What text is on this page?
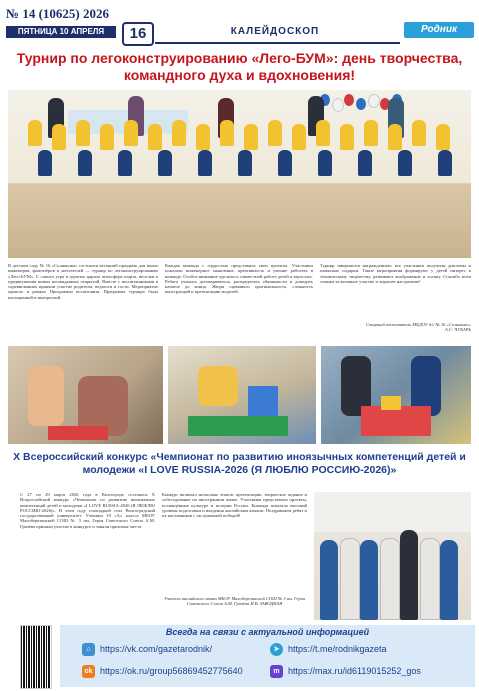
№ 14 (10625) 2026
ПЯТНИЦА 10 АПРЕЛЯ	16	КАЛЕЙДОСКОП	Родник
Турнир по легоконструированию «Лего-БУМ»: день творчества, командного духа и вдохновения!
В детском саду № 16 «Солнышко» состоялся весенний праздник для юных инженеров, фантазёров и мечтателей — турнир по легоконструированию «Лего-БУМ». С самого утра в группах царила атмосфера азарта, веселья и предвкушения новых неожиданных открытий. Вместе с воспитанниками в соревнованиях приняли участие родители, педагоги и гости. Мероприятие прошло в рамках Программы воспитания. Программа турнира была насыщенной и интересной.
Каждая команда с гордостью представила свои проекты. Участники показали инженерное мышление, креативность и умение работать в команде. Особое внимание уделялось совместной работе детей и взрослых. Ребята учились договариваться, распределять обязанности и доводить начатое до конца. Жюри оценивало оригинальность, сложность конструкций и презентацию моделей.
Турнир завершился награждением: все участники получили дипломы и памятные подарки. Такие мероприятия формируют у детей интерес к техническому творчеству, развивают воображение и логику. Спасибо всем семьям за активное участие и хорошее настроение!
Старший воспитатель МБДОУ д/с № 16 «Солнышко» А.С. ЧУБАРЬ
X Всероссийский конкурс «Чемпионат по развитию иноязычных компетенций детей и молодежи «I LOVE RUSSIA-2026 (Я ЛЮБЛЮ РОССИЮ-2026)»
С 27 по 29 марта 2026 года в Волгограде состоялся X Всероссийский конкурс «Чемпионат по развитию иноязычных компетенций детей и молодежи «I LOVE RUSSIA-2026 (Я ЛЮБЛЮ РОССИЮ-2026)». В этом году площадкой стал Волгоградский государственный университет. Ученики 10 «А» класса МБОУ Малоберезанской СОШ № 3 им. Героя Советского Союза А.М. Грачёва приняли участие в конкурсе и заняли призовые места.
Конкурс включал несколько этапов: презентацию, творческое задание и собеседование на иностранном языке. Участники представили проекты, посвящённые культуре и истории России. Команда показала высокий уровень подготовки и владения английским языком. Поздравляем ребят и их наставников с заслуженной победой!
Учитель английского языка МБОУ Малоберезанской СОШ № 3 им. Героя Советского Союза А.М. Грачёва Н.В. ЗАВОДНАЯ
Всегда на связи с актуальной информацией
⌂	https://vk.com/gazetarodnik/
ok https://ok.ru/group56869452775640
➤ https://t.me/rodnikgazeta
m https://max.ru/id6119015252_gos
